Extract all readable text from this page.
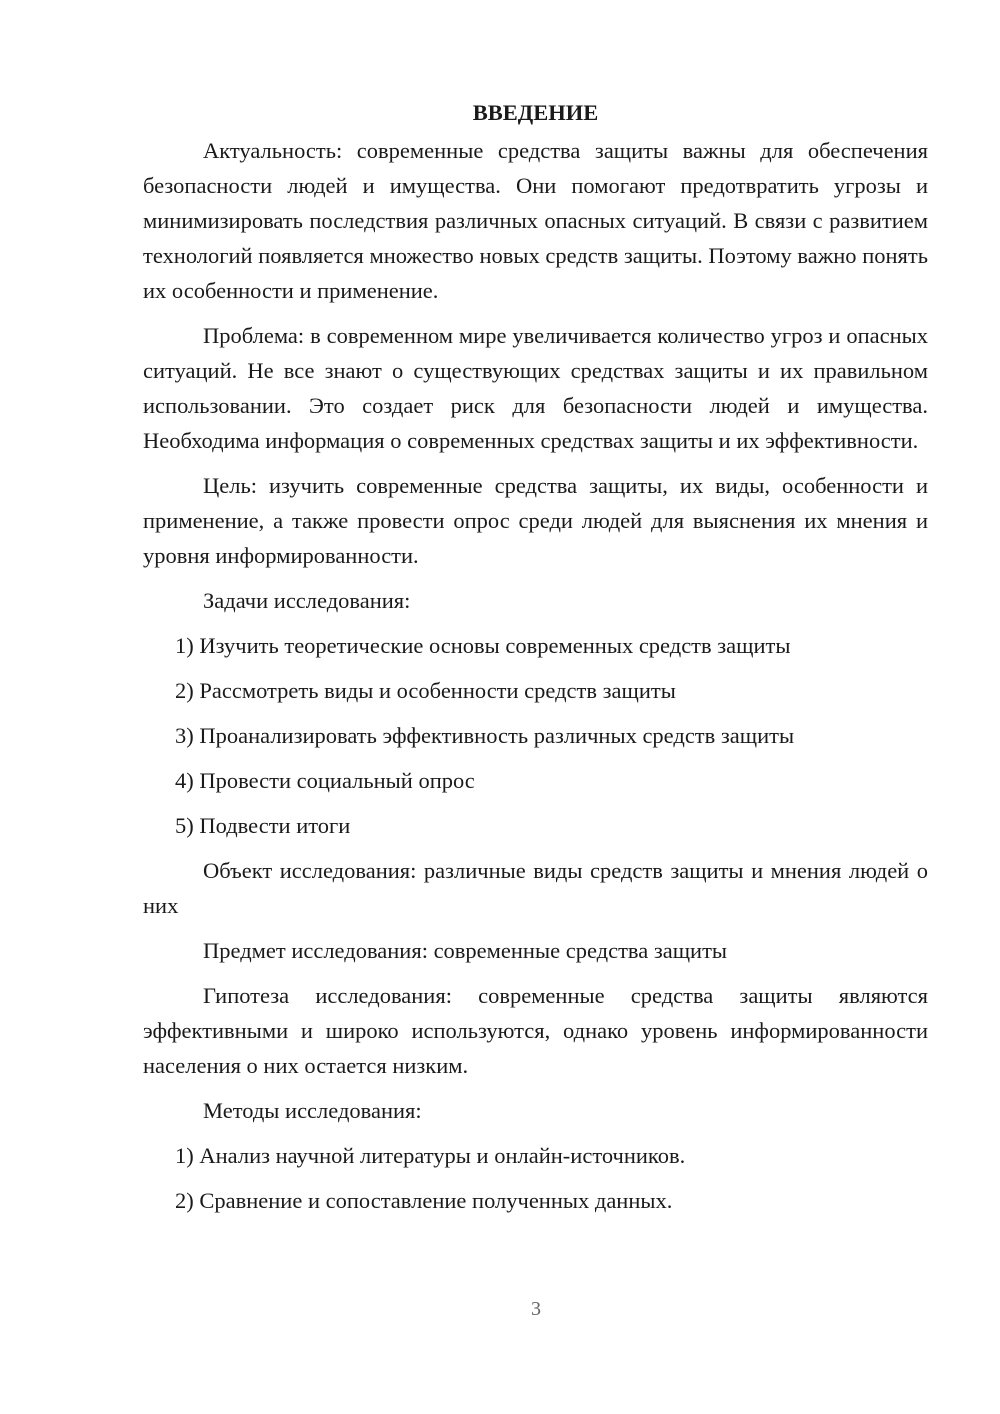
ВВЕДЕНИЕ

Актуальность: современные средства защиты важны для обеспечения безопасности людей и имущества. Они помогают предотвратить угрозы и минимизировать последствия различных опасных ситуаций. В связи с развитием технологий появляется множество новых средств защиты. Поэтому важно понять их особенности и применение.

Проблема: в современном мире увеличивается количество угроз и опасных ситуаций. Не все знают о существующих средствах защиты и их правильном использовании. Это создает риск для безопасности людей и имущества. Необходима информация о современных средствах защиты и их эффективности.

Цель: изучить современные средства защиты, их виды, особенности и применение, а также провести опрос среди людей для выяснения их мнения и уровня информированности.

Задачи исследования:

1) Изучить теоретические основы современных средств защиты
2) Рассмотреть виды и особенности средств защиты
3) Проанализировать эффективность различных средств защиты
4) Провести социальный опрос
5) Подвести итоги

Объект исследования: различные виды средств защиты и мнения людей о них

Предмет исследования: современные средства защиты

Гипотеза исследования: современные средства защиты являются эффективными и широко используются, однако уровень информированности населения о них остается низким.

Методы исследования:

1) Анализ научной литературы и онлайн-источников.
2) Сравнение и сопоставление полученных данных.
3
